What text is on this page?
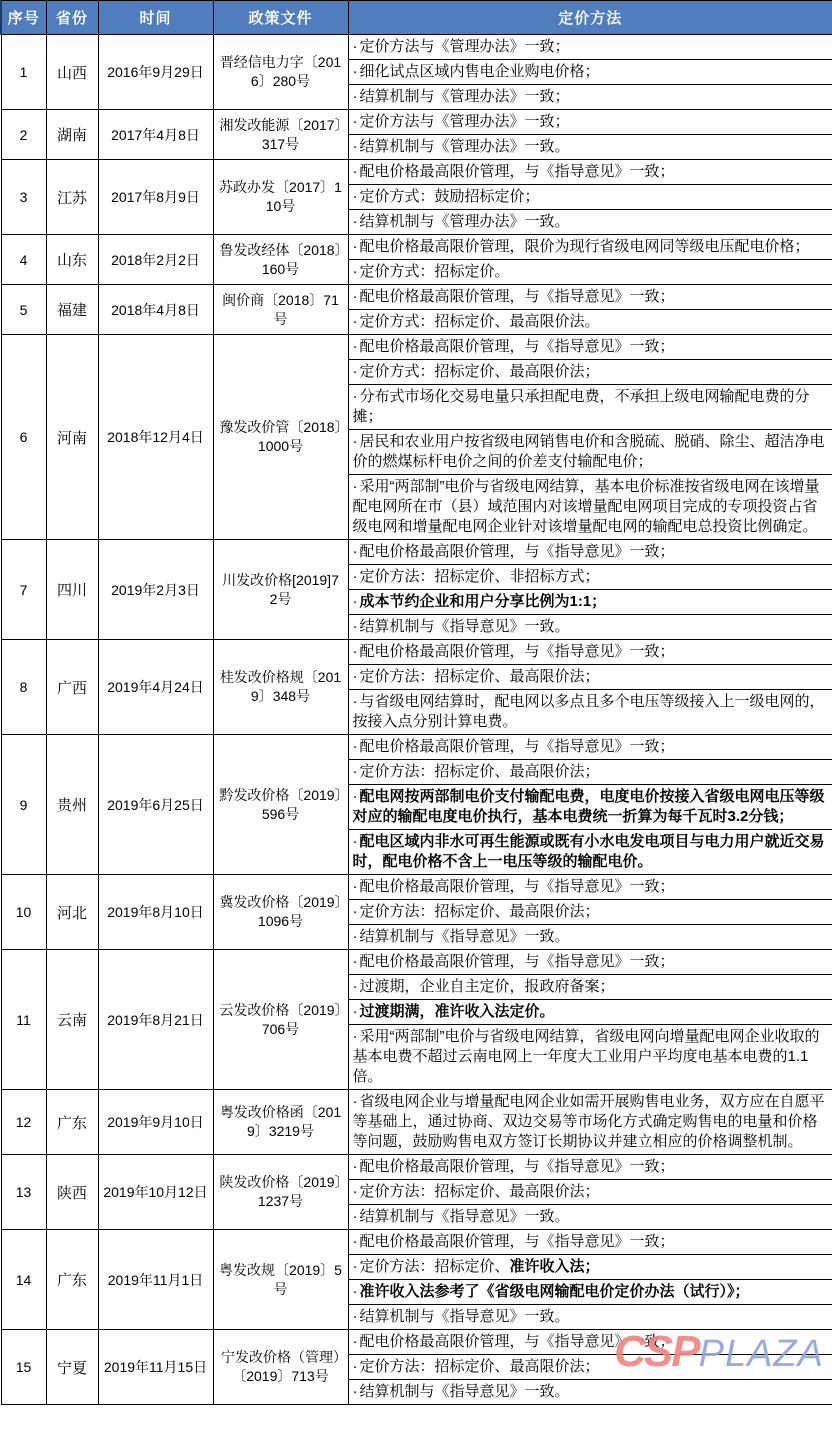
序号	省份	时间	政策文件	定价方法
1	山西	2016年9月29日	晋经信电力字〔2016〕280号	· 定价方法与《管理办法》一致；
				· 细化试点区域内售电企业购电价格；
				· 结算机制与《管理办法》一致；
2	湖南	2017年4月8日	湘发改能源〔2017〕317号	· 定价方法与《管理办法》一致；
				· 结算机制与《管理办法》一致。
3	江苏	2017年8月9日	苏政办发〔2017〕110号	· 配电价格最高限价管理，与《指导意见》一致；
				· 定价方式：鼓励招标定价；
				· 结算机制与《管理办法》一致。
4	山东	2018年2月2日	鲁发改经体〔2018〕160号	· 配电价格最高限价管理，限价为现行省级电网同等级电压配电价格；
				· 定价方式：招标定价。
5	福建	2018年4月8日	闽价商〔2018〕71号	· 配电价格最高限价管理，与《指导意见》一致；
				· 定价方式：招标定价、最高限价法。
6	河南	2018年12月4日	豫发改价管〔2018〕1000号	· 配电价格最高限价管理，与《指导意见》一致；
				· 定价方式：招标定价、最高限价法；
				· 分布式市场化交易电量只承担配电费，不承担上级电网输配电费的分摊；
				· 居民和农业用户按省级电网销售电价和含脱硫、脱硝、除尘、超洁净电价的燃煤标杆电价之间的价差支付输配电价；
				· 采用“两部制”电价与省级电网结算，基本电价标准按省级电网在该增量配电网所在市（县）域范围内对该增量配电网项目完成的专项投资占省级电网和增量配电网企业针对该增量配电网的输配电总投资比例确定。
7	四川	2019年2月3日	川发改价格[2019]72号	· 配电价格最高限价管理，与《指导意见》一致；
				· 定价方法：招标定价、非招标方式；
				· 成本节约企业和用户分享比例为1:1；
				· 结算机制与《指导意见》一致。
8	广西	2019年4月24日	桂发改价格规〔2019〕348号	· 配电价格最高限价管理，与《指导意见》一致；
				· 定价方法：招标定价、最高限价法；
				· 与省级电网结算时，配电网以多点且多个电压等级接入上一级电网的，按接入点分别计算电费。
9	贵州	2019年6月25日	黔发改价格〔2019〕596号	· 配电价格最高限价管理，与《指导意见》一致；
				· 定价方法：招标定价、最高限价法；
				· 配电网按两部制电价支付输配电费，电度电价按接入省级电网电压等级对应的输配电度电价执行，基本电费统一折算为每千瓦时3.2分钱；
				· 配电区域内非水可再生能源或既有小水电发电项目与电力用户就近交易时，配电价格不含上一电压等级的输配电价。
10	河北	2019年8月10日	冀发改价格〔2019〕1096号	· 配电价格最高限价管理，与《指导意见》一致；
				· 定价方法：招标定价、最高限价法；
				· 结算机制与《指导意见》一致。
11	云南	2019年8月21日	云发改价格〔2019〕706号	· 配电价格最高限价管理，与《指导意见》一致；
				· 过渡期，企业自主定价，报政府备案；
				· 过渡期满，准许收入法定价。
				· 采用“两部制”电价与省级电网结算，省级电网向增量配电网企业收取的基本电费不超过云南电网上一年度大工业用户平均度电基本电费的1.1 倍。
12	广东	2019年9月10日	粤发改价格函〔2019〕3219号	· 省级电网企业与增量配电网企业如需开展购售电业务，双方应在自愿平等基础上，通过协商、双边交易等市场化方式确定购售电的电量和价格等问题，鼓励购售电双方签订长期协议并建立相应的价格调整机制。
13	陕西	2019年10月12日	陕发改价格〔2019〕1237号	· 配电价格最高限价管理，与《指导意见》一致；
				· 定价方法：招标定价、最高限价法；
				· 结算机制与《指导意见》一致。
14	广东	2019年11月1日	粤发改规〔2019〕5号	· 配电价格最高限价管理，与《指导意见》一致；
				· 定价方法：招标定价、准许收入法；
				· 准许收入法参考了《省级电网输配电价定价办法（试行）》；
				· 结算机制与《指导意见》一致。
15	宁夏	2019年11月15日	宁发改价格（管理）〔2019〕713号	· 配电价格最高限价管理，与《指导意见》一致；
				· 定价方法：招标定价、最高限价法；
				· 结算机制与《指导意见》一致。
CSPPLAZA
